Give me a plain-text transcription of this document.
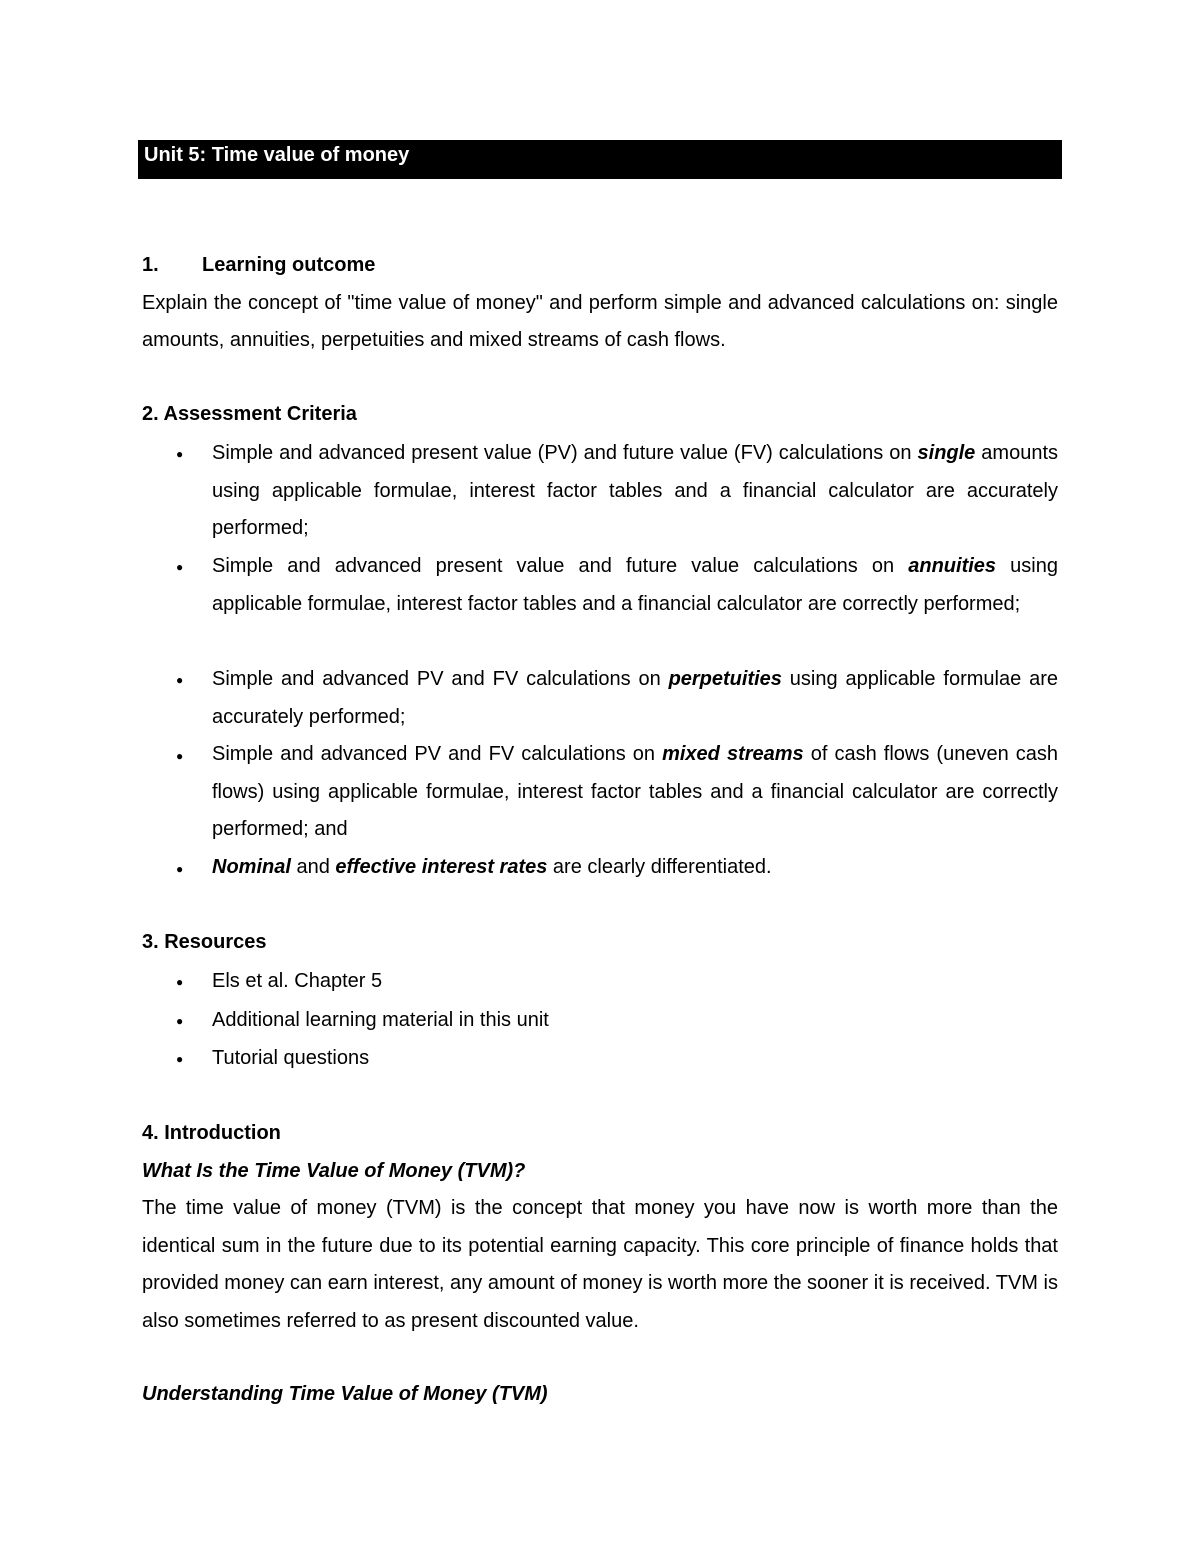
Unit 5: Time value of money
1. Learning outcome
Explain the concept of "time value of money" and perform simple and advanced calculations on: single amounts, annuities, perpetuities and mixed streams of cash flows.
2. Assessment Criteria
● Simple and advanced present value (PV) and future value (FV) calculations on single amounts using applicable formulae, interest factor tables and a financial calculator are accurately performed;
● Simple and advanced present value and future value calculations on annuities using applicable formulae, interest factor tables and a financial calculator are correctly performed;
● Simple and advanced PV and FV calculations on perpetuities using applicable formulae are accurately performed;
● Simple and advanced PV and FV calculations on mixed streams of cash flows (uneven cash flows) using applicable formulae, interest factor tables and a financial calculator are correctly performed; and
● Nominal and effective interest rates are clearly differentiated.
3. Resources
● Els et al. Chapter 5
● Additional learning material in this unit
● Tutorial questions
4. Introduction
What Is the Time Value of Money (TVM)?
The time value of money (TVM) is the concept that money you have now is worth more than the identical sum in the future due to its potential earning capacity. This core principle of finance holds that provided money can earn interest, any amount of money is worth more the sooner it is received. TVM is also sometimes referred to as present discounted value.
Understanding Time Value of Money (TVM)
